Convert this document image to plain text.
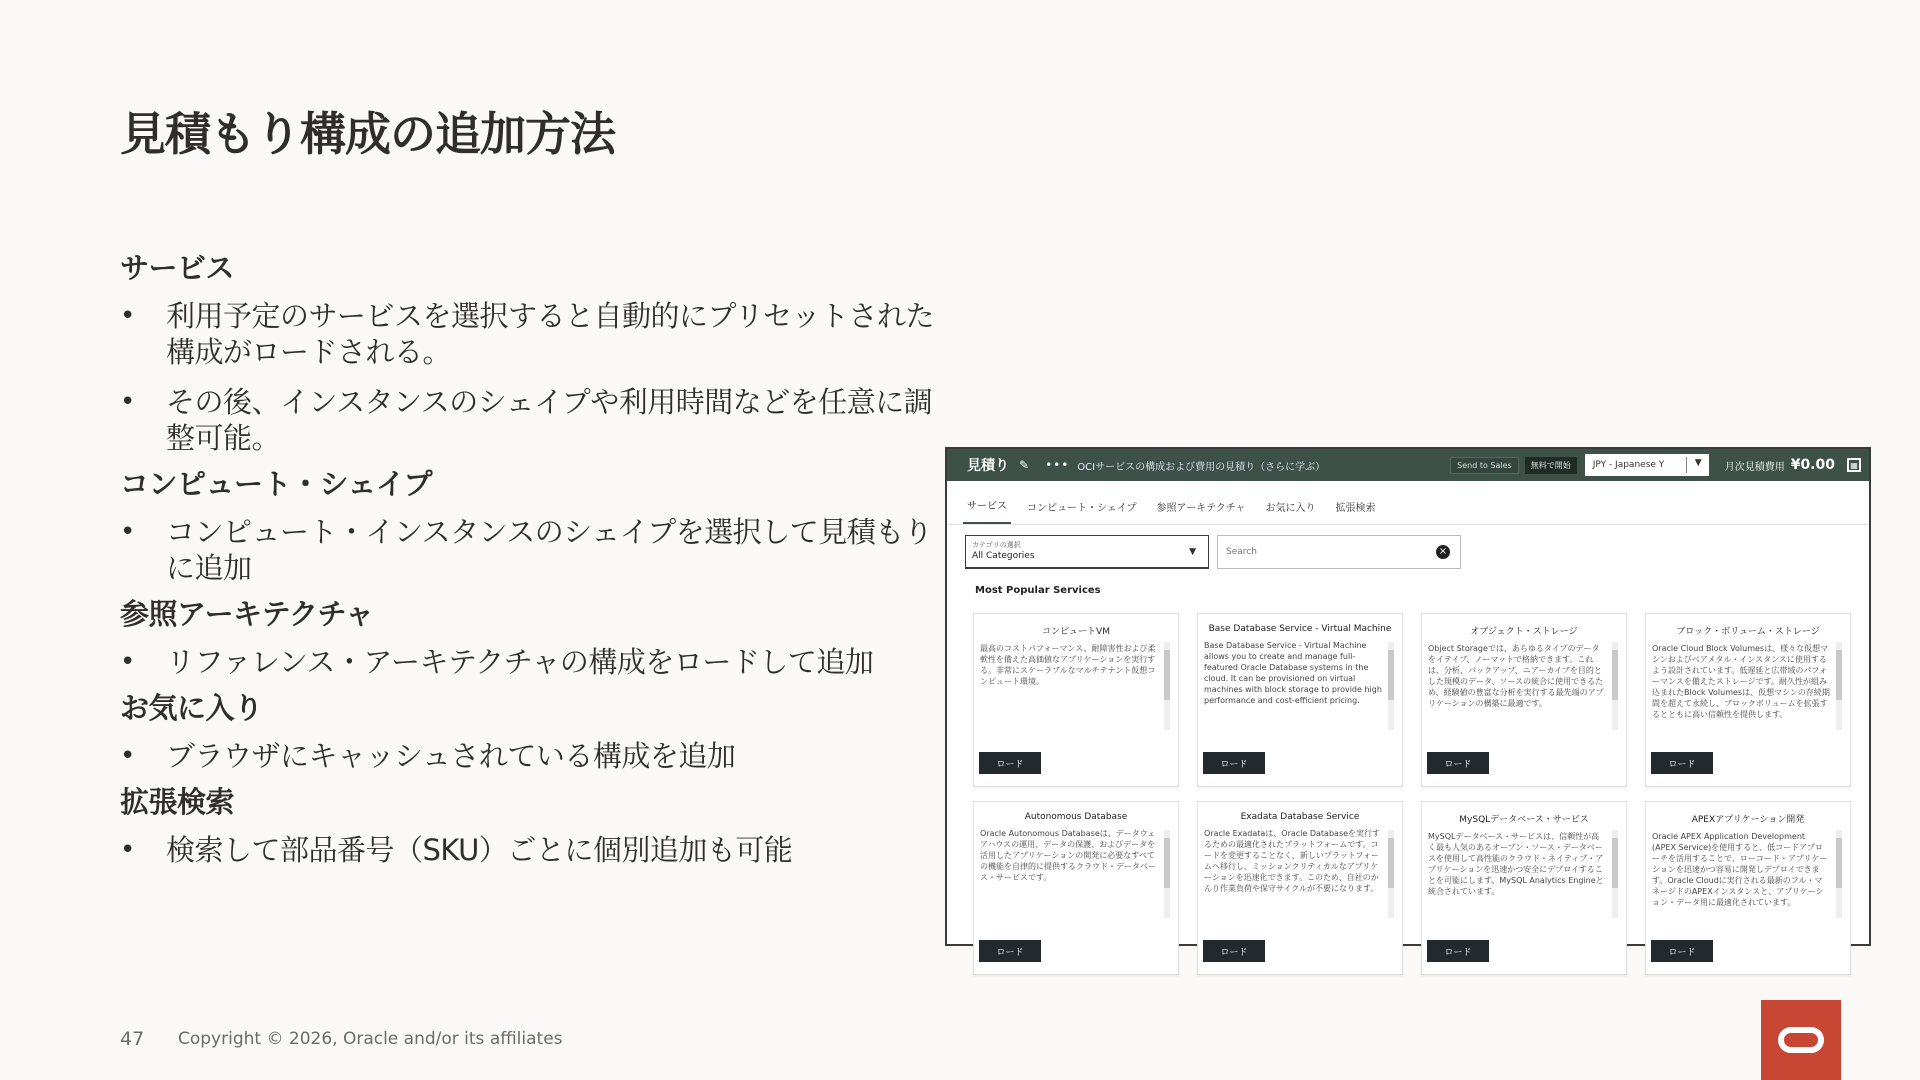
見積もり構成の追加方法
サービス
• 利用予定のサービスを選択すると自動的にプリセットされた構成がロードされる。
• その後、インスタンスのシェイプや利用時間などを任意に調整可能。
コンピュート・シェイプ
• コンピュート・インスタンスのシェイプを選択して見積もりに追加
参照アーキテクチャ
• リファレンス・アーキテクチャの構成をロードして追加
お気に入り
• ブラウザにキャッシュされている構成を追加
拡張検索
• 検索して部品番号（SKU）ごとに個別追加も可能
見積り ✎ ••• OCIサービスの構成および費用の見積り（さらに学ぶ）	Send to Sales	無料で開始	JPY - Japanese Y	▼ 月次見積費用 ¥0.00	▦
サービス	コンピュート・シェイプ	参照アーキテクチャ	お気に入り	拡張検索
カテゴリの選択
All Categories	▼
Search	×
Most Popular Services
コンピュートVM
最高のコストパフォーマンス、耐障害性および柔軟性を備えた高価値なアプリケーションを実行する。非常にスケーラブルなマルチテナント仮想コンピュート環境。
ロード
Base Database Service - Virtual Machine
Base Database Service - Virtual Machine allows you to create and manage full-featured Oracle Database systems in the cloud. It can be provisioned on virtual machines with block storage to provide high performance and cost-efficient pricing.
ロード
オブジェクト・ストレージ
Object Storageでは、あらゆるタイプのデータをイテイブ、ノーマットで格納できます。これは、分析、バックアップ、ニアーカイブを目的とした規模のデータ、ソースの統合に使用できるため、経験値の豊富な分析を実行する最先端のアプリケーションの構築に最適です。
ロード
ブロック・ボリューム・ストレージ
Oracle Cloud Block Volumesは、様々な仮想マシンおよびベアメタル・インスタンスに使用するよう設計されています。低遅延と広帯域のパフォーマンスを備えたストレージです。耐久性が組み込まれたBlock Volumesは、仮想マシンの存続期間を超えて永続し、ブロックボリュームを拡張するとともに高い信頼性を提供します。
ロード
Autonomous Database
Oracle Autonomous Databaseは、データウェアハウスの運用、データの保護、およびデータを活用したアプリケーションの開発に必要なすべての機能を自律的に提供するクラウド・データベース・サービスです。
ロード
Exadata Database Service
Oracle Exadataは、Oracle Databaseを実行するための最適化されたプラットフォームです。コードを変更することなく、新しいプラットフォームへ移行し、ミッションクリティカルなアプリケーションを迅速化できます。このため、自社のかんり作業負荷や保守サイクルが不要になります。
ロード
MySQLデータベース・サービス
MySQLデータベース・サービスは、信頼性が高く最も人気のあるオープン・ソース・データベースを使用して高性能のクラウド・ネイティブ・アプリケーションを迅速かつ安全にデプロイすることを可能にします。MySQL Analytics Engineと統合されています。
ロード
APEXアプリケーション開発
Oracle APEX Application Development (APEX Service)を使用すると、低コードアプローチを活用することで、ローコード・アプリケーションを迅速かつ容易に開発しデプロイできます。Oracle Cloudに実行される最新のフル・マネージドのAPEXインスタンスと、アプリケーション・データ用に最適化されています。
ロード
47 Copyright © 2026, Oracle and/or its affiliates
